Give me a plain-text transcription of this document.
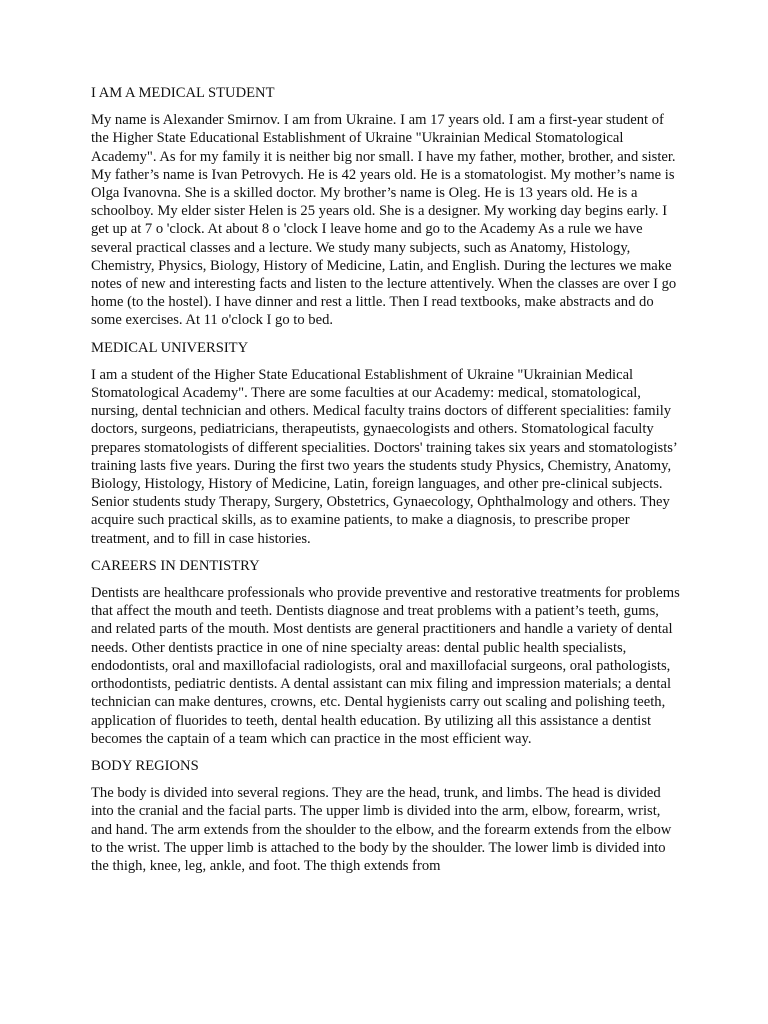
I AM A MEDICAL STUDENT

My name is Alexander Smirnov. I am from Ukraine. I am 17 years old. I am a first-year student of the Higher State Educational Establishment of Ukraine "Ukrainian Medical Stomatological Academy". As for my family it is neither big nor small. I have my father, mother, brother, and sister. My father’s name is Ivan Petrovych. He is 42 years old. He is a stomatologist. My mother’s name is Olga Ivanovna. She is a skilled doctor. My brother’s name is Oleg. He is 13 years old. He is a schoolboy. My elder sister Helen is 25 years old. She is a designer. My working day begins early. I get up at 7 o 'clock. At about 8 o 'clock I leave home and go to the Academy As a rule we have several practical classes and a lecture. We study many subjects, such as Anatomy, Histology, Chemistry, Physics, Biology, History of Medicine, Latin, and English. During the lectures we make notes of new and interesting facts and listen to the lecture attentively. When the classes are over I go home (to the hostel). I have dinner and rest a little. Then I read textbooks, make abstracts and do some exercises. At 11 o'clock I go to bed.

MEDICAL UNIVERSITY

I am a student of the Higher State Educational Establishment of Ukraine "Ukrainian Medical Stomatological Academy". There are some faculties at our Academy: medical, stomatological, nursing, dental technician and others. Medical faculty trains doctors of different specialities: family doctors, surgeons, pediatricians, therapeutists, gynaecologists and others. Stomatological faculty prepares stomatologists of different specialities. Doctors' training takes six years and stomatologists’ training lasts five years. During the first two years the students study Physics, Chemistry, Anatomy, Biology, Histology, History of Medicine, Latin, foreign languages, and other pre-clinical subjects. Senior students study Therapy, Surgery, Obstetrics, Gynaecology, Ophthalmology and others. They acquire such practical skills, as to examine patients, to make a diagnosis, to prescribe proper treatment, and to fill in case histories.

CAREERS IN DENTISTRY

Dentists are healthcare professionals who provide preventive and restorative treatments for problems that affect the mouth and teeth. Dentists diagnose and treat problems with a patient’s teeth, gums, and related parts of the mouth. Most dentists are general practitioners and handle a variety of dental needs. Other dentists practice in one of nine specialty areas: dental public health specialists, endodontists, oral and maxillofacial radiologists, oral and maxillofacial surgeons, oral pathologists, orthodontists, pediatric dentists. A dental assistant can mix filing and impression materials; a dental technician can make dentures, crowns, etc. Dental hygienists carry out scaling and polishing teeth, application of fluorides to teeth, dental health education. By utilizing all this assistance a dentist becomes the captain of a team which can practice in the most efficient way.

BODY REGIONS

The body is divided into several regions. They are the head, trunk, and limbs. The head is divided into the cranial and the facial parts. The upper limb is divided into the arm, elbow, forearm, wrist, and hand. The arm extends from the shoulder to the elbow, and the forearm extends from the elbow to the wrist. The upper limb is attached to the body by the shoulder. The lower limb is divided into the thigh, knee, leg, ankle, and foot. The thigh extends from
